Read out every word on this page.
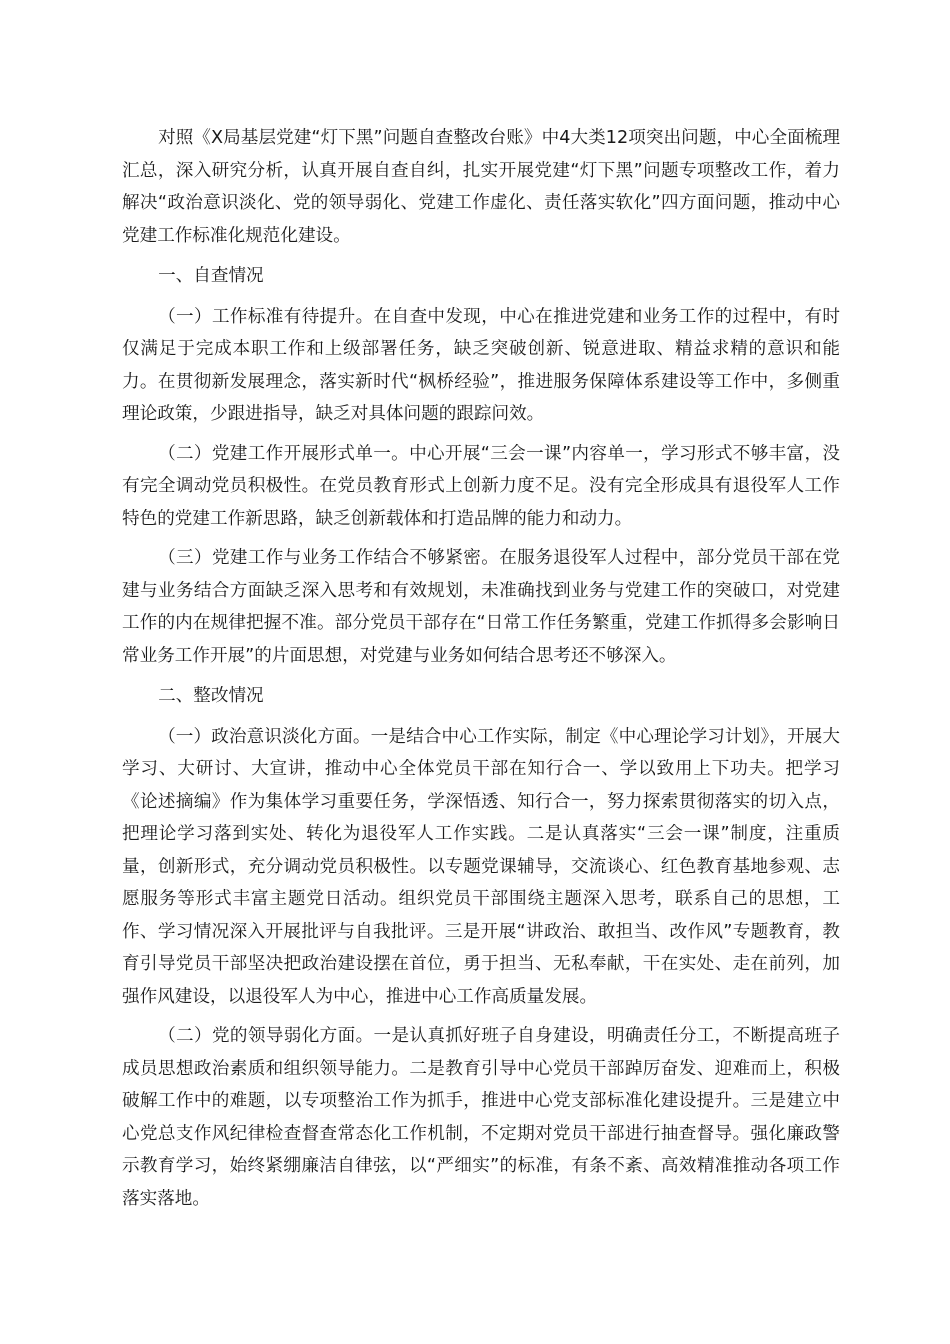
对照《X局基层党建“灯下黑”问题自查整改台账》中4大类12项突出问题，中心全面梳理汇总，深入研究分析，认真开展自查自纠，扎实开展党建“灯下黑”问题专项整改工作，着力解决“政治意识淡化、党的领导弱化、党建工作虚化、责任落实软化”四方面问题，推动中心党建工作标准化规范化建设。

一、自查情况

（一）工作标准有待提升。在自查中发现，中心在推进党建和业务工作的过程中，有时仅满足于完成本职工作和上级部署任务，缺乏突破创新、锐意进取、精益求精的意识和能力。在贯彻新发展理念，落实新时代“枫桥经验”，推进服务保障体系建设等工作中，多侧重理论政策，少跟进指导，缺乏对具体问题的跟踪问效。

（二）党建工作开展形式单一。中心开展“三会一课”内容单一，学习形式不够丰富，没有完全调动党员积极性。在党员教育形式上创新力度不足。没有完全形成具有退役军人工作特色的党建工作新思路，缺乏创新载体和打造品牌的能力和动力。

（三）党建工作与业务工作结合不够紧密。在服务退役军人过程中，部分党员干部在党建与业务结合方面缺乏深入思考和有效规划，未准确找到业务与党建工作的突破口，对党建工作的内在规律把握不准。部分党员干部存在“日常工作任务繁重，党建工作抓得多会影响日常业务工作开展”的片面思想，对党建与业务如何结合思考还不够深入。

二、整改情况

（一）政治意识淡化方面。一是结合中心工作实际，制定《中心理论学习计划》，开展大学习、大研讨、大宣讲，推动中心全体党员干部在知行合一、学以致用上下功夫。把学习《论述摘编》作为集体学习重要任务，学深悟透、知行合一，努力探索贯彻落实的切入点，把理论学习落到实处、转化为退役军人工作实践。二是认真落实“三会一课”制度，注重质量，创新形式，充分调动党员积极性。以专题党课辅导，交流谈心、红色教育基地参观、志愿服务等形式丰富主题党日活动。组织党员干部围绕主题深入思考，联系自己的思想，工作、学习情况深入开展批评与自我批评。三是开展“讲政治、敢担当、改作风”专题教育，教育引导党员干部坚决把政治建设摆在首位，勇于担当、无私奉献，干在实处、走在前列，加强作风建设，以退役军人为中心，推进中心工作高质量发展。

（二）党的领导弱化方面。一是认真抓好班子自身建设，明确责任分工，不断提高班子成员思想政治素质和组织领导能力。二是教育引导中心党员干部踔厉奋发、迎难而上，积极破解工作中的难题，以专项整治工作为抓手，推进中心党支部标准化建设提升。三是建立中心党总支作风纪律检查督查常态化工作机制，不定期对党员干部进行抽查督导。强化廉政警示教育学习，始终紧绷廉洁自律弦，以“严细实”的标准，有条不紊、高效精准推动各项工作落实落地。
